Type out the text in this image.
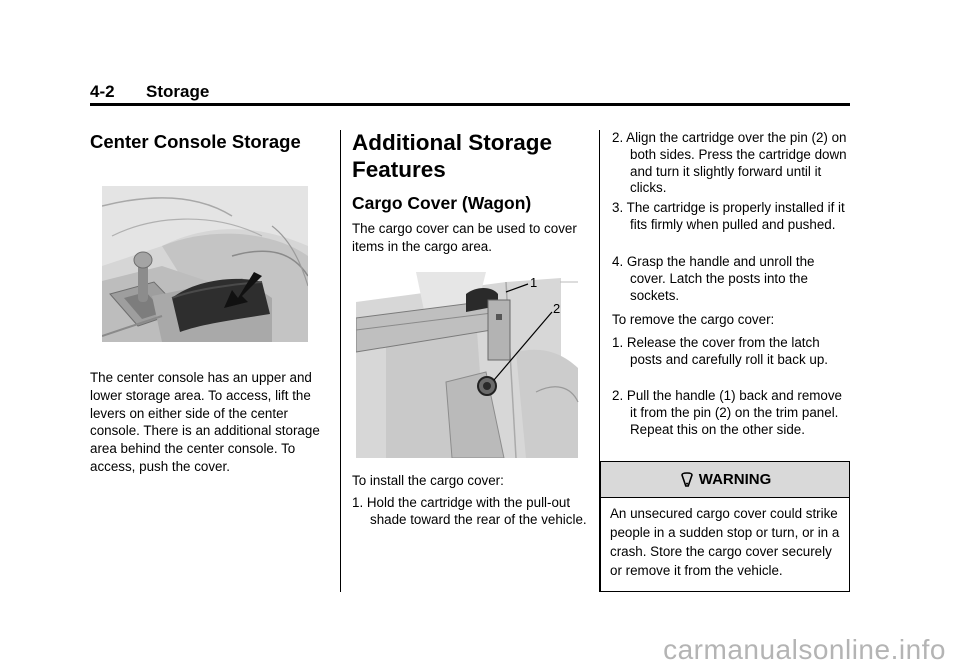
4-2 Storage
Center Console Storage

The center console has an upper and lower storage area. To access, lift the levers on either side of the center console. There is an additional storage area behind the center console. To access, push the cover.

Additional Storage Features
Cargo Cover (Wagon)

The cargo cover can be used to cover items in the cargo area.

1
2

To install the cargo cover:

1. Hold the cartridge with the pull-out shade toward the rear of the vehicle.

2. Align the cartridge over the pin (2) on both sides. Press the cartridge down and turn it slightly forward until it clicks.

3. The cartridge is properly installed if it fits firmly when pulled and pushed.

4. Grasp the handle and unroll the cover. Latch the posts into the sockets.

To remove the cargo cover:

1. Release the cover from the latch posts and carefully roll it back up.

2. Pull the handle (1) back and remove it from the pin (2) on the trim panel. Repeat this on the other side.

WARNING
An unsecured cargo cover could strike people in a sudden stop or turn, or in a crash. Store the cargo cover securely or remove it from the vehicle.
carmanualsonline.info
